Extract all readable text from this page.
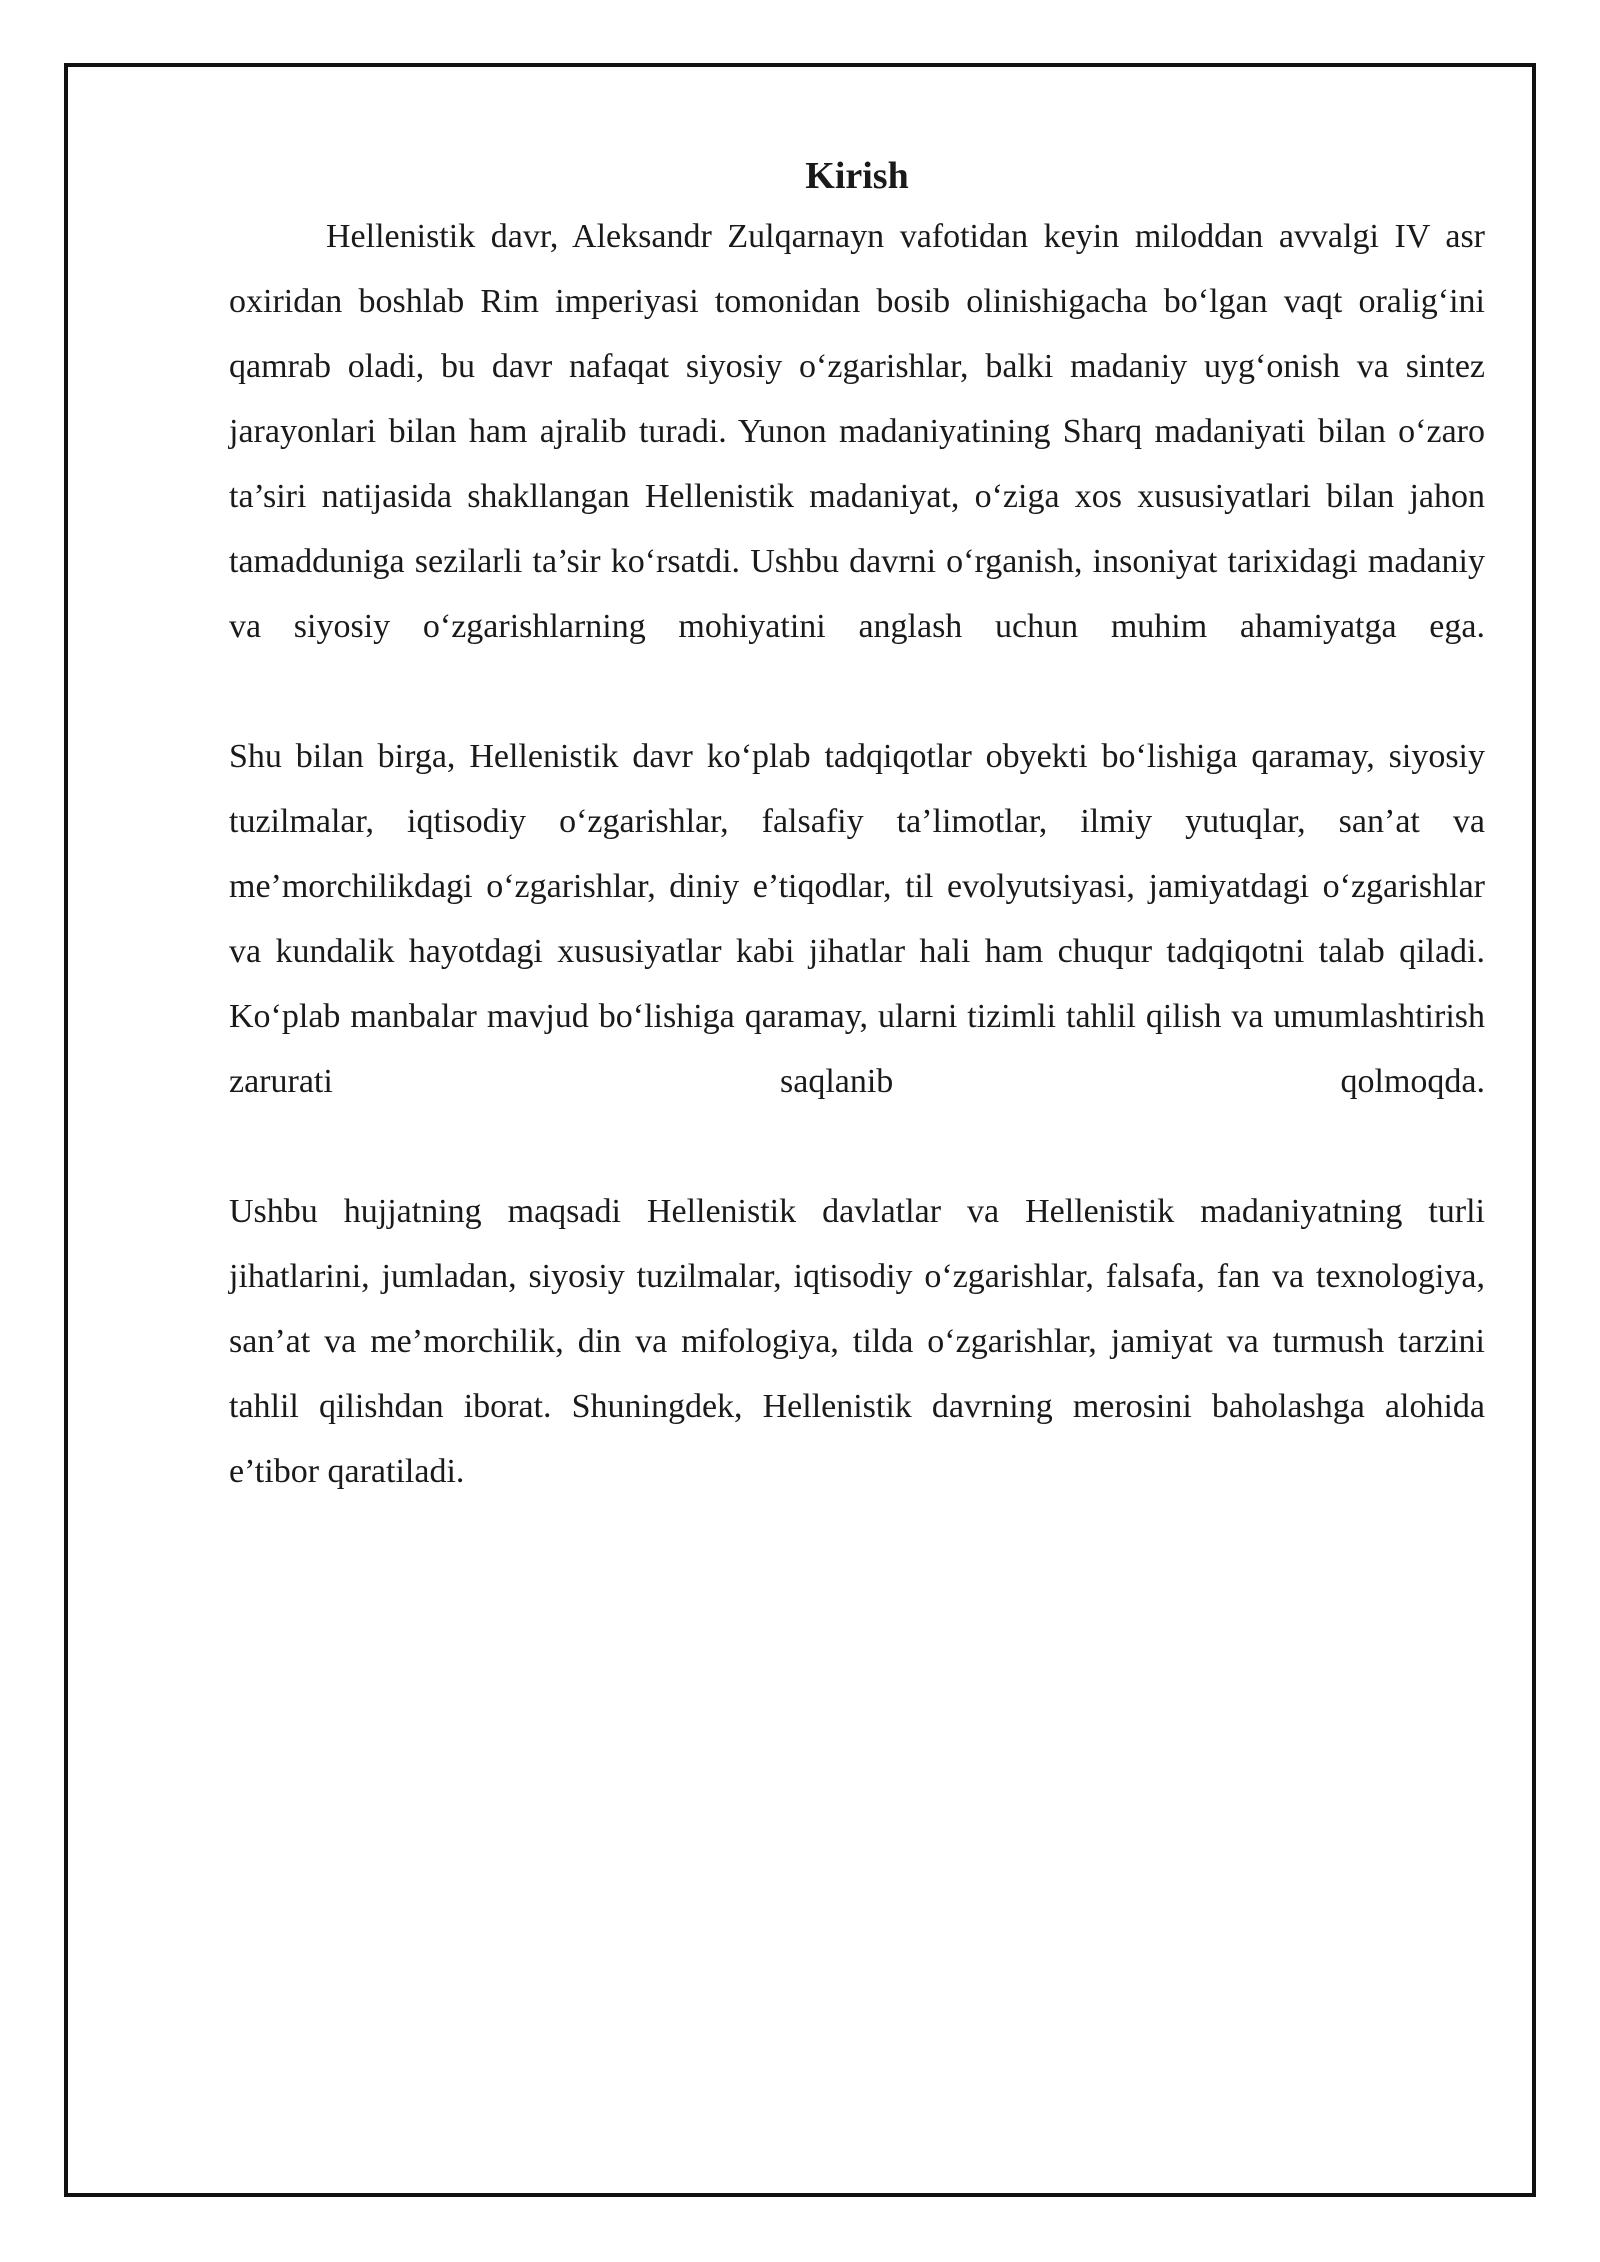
Kirish

Hellenistik davr, Aleksandr Zulqarnayn vafotidan keyin miloddan avvalgi IV asr oxiridan boshlab Rim imperiyasi tomonidan bosib olinishigacha bo‘lgan vaqt oralig‘ini qamrab oladi, bu davr nafaqat siyosiy o‘zgarishlar, balki madaniy uyg‘onish va sintez jarayonlari bilan ham ajralib turadi. Yunon madaniyatining Sharq madaniyati bilan o‘zaro ta’siri natijasida shakllangan Hellenistik madaniyat, o‘ziga xos xususiyatlari bilan jahon tamadduniga sezilarli ta’sir ko‘rsatdi. Ushbu davrni o‘rganish, insoniyat tarixidagi madaniy va siyosiy o‘zgarishlarning mohiyatini anglash uchun muhim ahamiyatga ega.

Shu bilan birga, Hellenistik davr ko‘plab tadqiqotlar obyekti bo‘lishiga qaramay, siyosiy tuzilmalar, iqtisodiy o‘zgarishlar, falsafiy ta’limotlar, ilmiy yutuqlar, san’at va me’morchilikdagi o‘zgarishlar, diniy e’tiqodlar, til evolyutsiyasi, jamiyatdagi o‘zgarishlar va kundalik hayotdagi xususiyatlar kabi jihatlar hali ham chuqur tadqiqotni talab qiladi. Ko‘plab manbalar mavjud bo‘lishiga qaramay, ularni tizimli tahlil qilish va umumlashtirish zarurati saqlanib qolmoqda.

Ushbu hujjatning maqsadi Hellenistik davlatlar va Hellenistik madaniyatning turli jihatlarini, jumladan, siyosiy tuzilmalar, iqtisodiy o‘zgarishlar, falsafa, fan va texnologiya, san’at va me’morchilik, din va mifologiya, tilda o‘zgarishlar, jamiyat va turmush tarzini tahlil qilishdan iborat. Shuningdek, Hellenistik davrning merosini baholashga alohida e’tibor qaratiladi.
